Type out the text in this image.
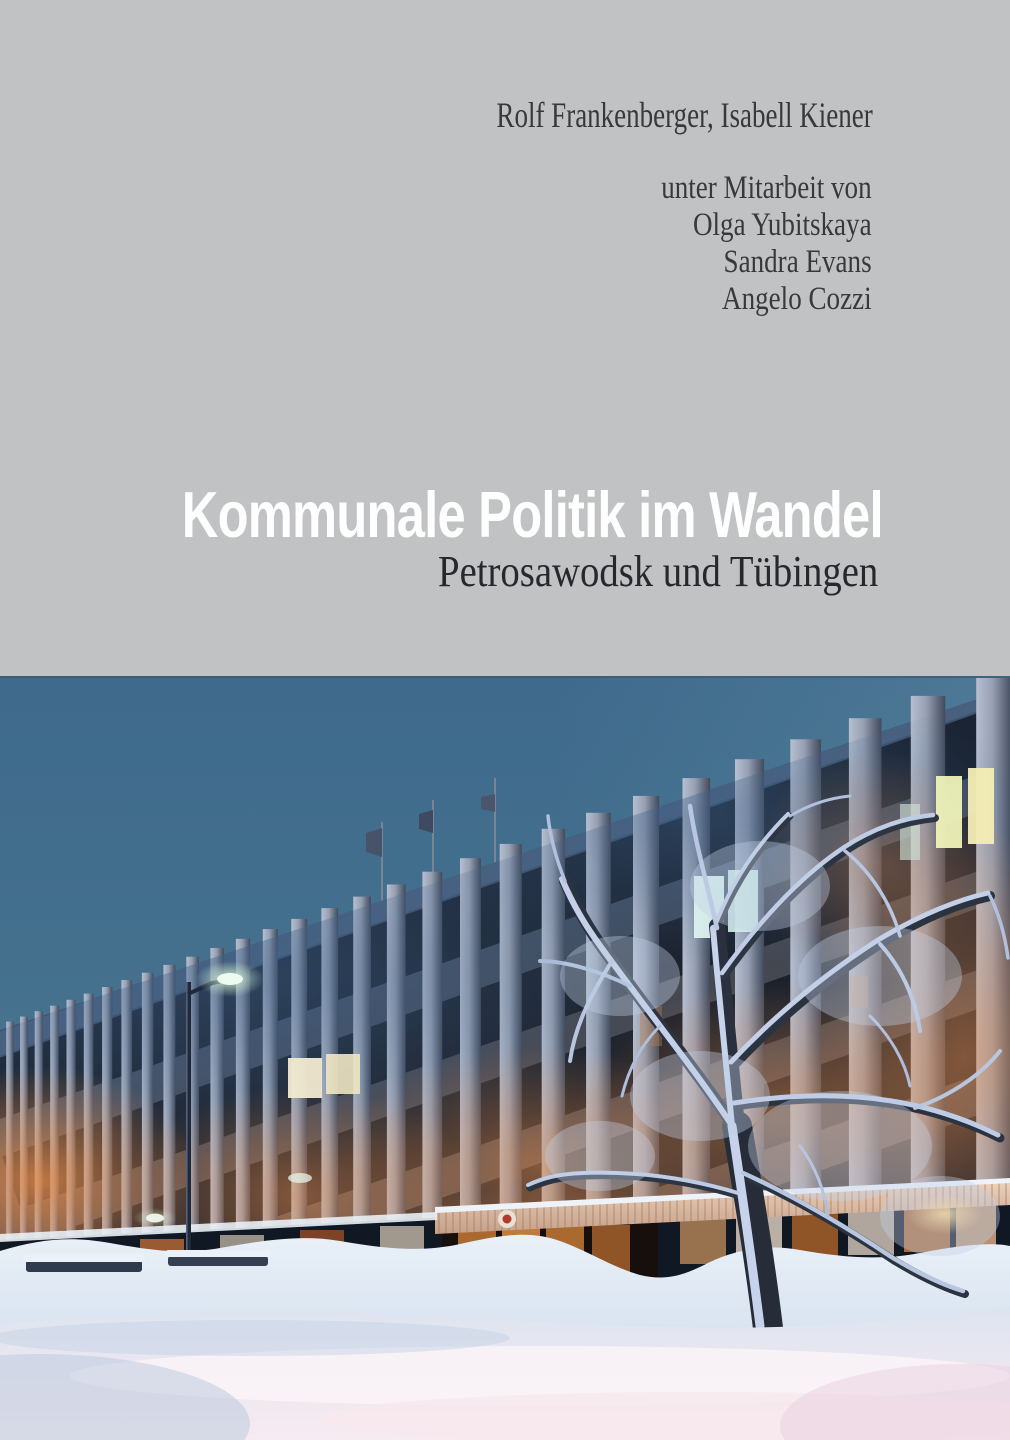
Rolf Frankenberger, Isabell Kiener
unter Mitarbeit von
Olga Yubitskaya
Sandra Evans
Angelo Cozzi
Kommunale Politik im Wandel
Petrosawodsk und Tübingen
